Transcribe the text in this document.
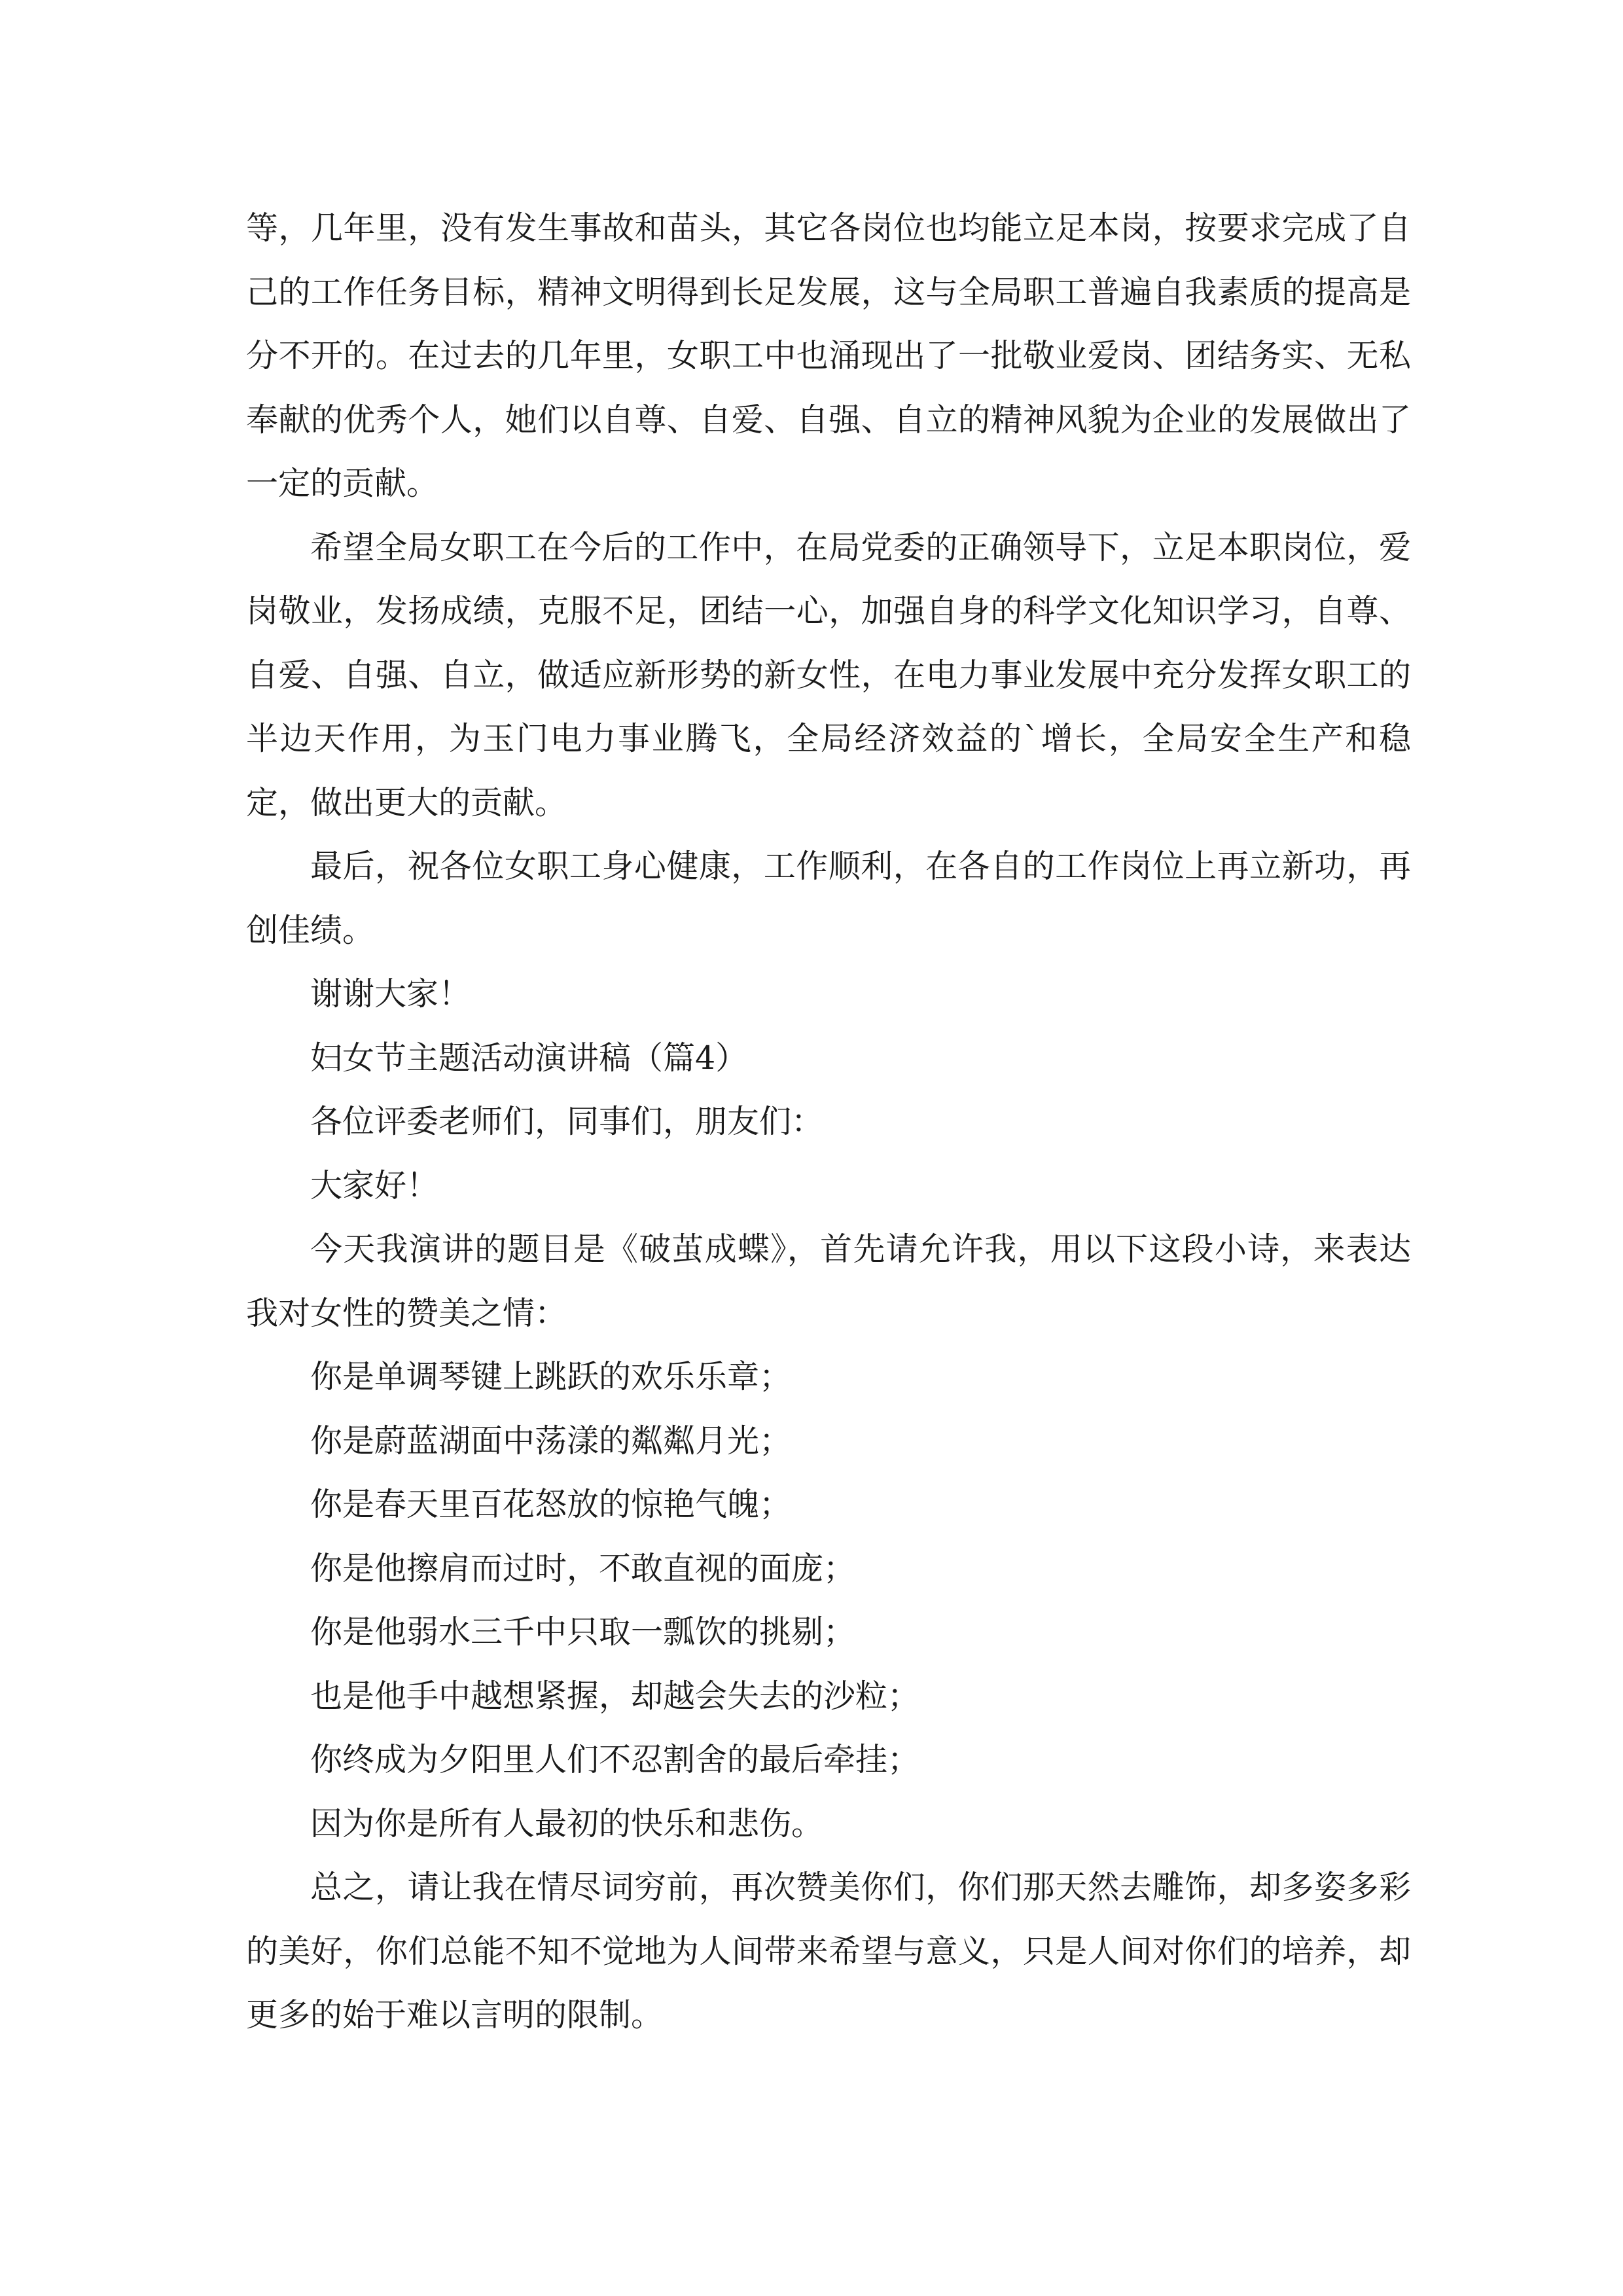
等，几年里，没有发生事故和苗头，其它各岗位也均能立足本岗，按要求完成了自己的工作任务目标，精神文明得到长足发展，这与全局职工普遍自我素质的提高是分不开的。在过去的几年里，女职工中也涌现出了一批敬业爱岗、团结务实、无私奉献的优秀个人，她们以自尊、自爱、自强、自立的精神风貌为企业的发展做出了一定的贡献。

希望全局女职工在今后的工作中，在局党委的正确领导下，立足本职岗位，爱岗敬业，发扬成绩，克服不足，团结一心，加强自身的科学文化知识学习，自尊、自爱、自强、自立，做适应新形势的新女性，在电力事业发展中充分发挥女职工的半边天作用，为玉门电力事业腾飞，全局经济效益的`增长，全局安全生产和稳定，做出更大的贡献。

最后，祝各位女职工身心健康，工作顺利，在各自的工作岗位上再立新功，再创佳绩。

谢谢大家！

妇女节主题活动演讲稿（篇4）

各位评委老师们，同事们，朋友们：

大家好！

今天我演讲的题目是《破茧成蝶》，首先请允许我，用以下这段小诗，来表达我对女性的赞美之情：

你是单调琴键上跳跃的欢乐乐章；

你是蔚蓝湖面中荡漾的粼粼月光；

你是春天里百花怒放的惊艳气魄；

你是他擦肩而过时，不敢直视的面庞；

你是他弱水三千中只取一瓢饮的挑剔；

也是他手中越想紧握，却越会失去的沙粒；

你终成为夕阳里人们不忍割舍的最后牵挂；

因为你是所有人最初的快乐和悲伤。

总之，请让我在情尽词穷前，再次赞美你们，你们那天然去雕饰，却多姿多彩的美好，你们总能不知不觉地为人间带来希望与意义，只是人间对你们的培养，却更多的始于难以言明的限制。
